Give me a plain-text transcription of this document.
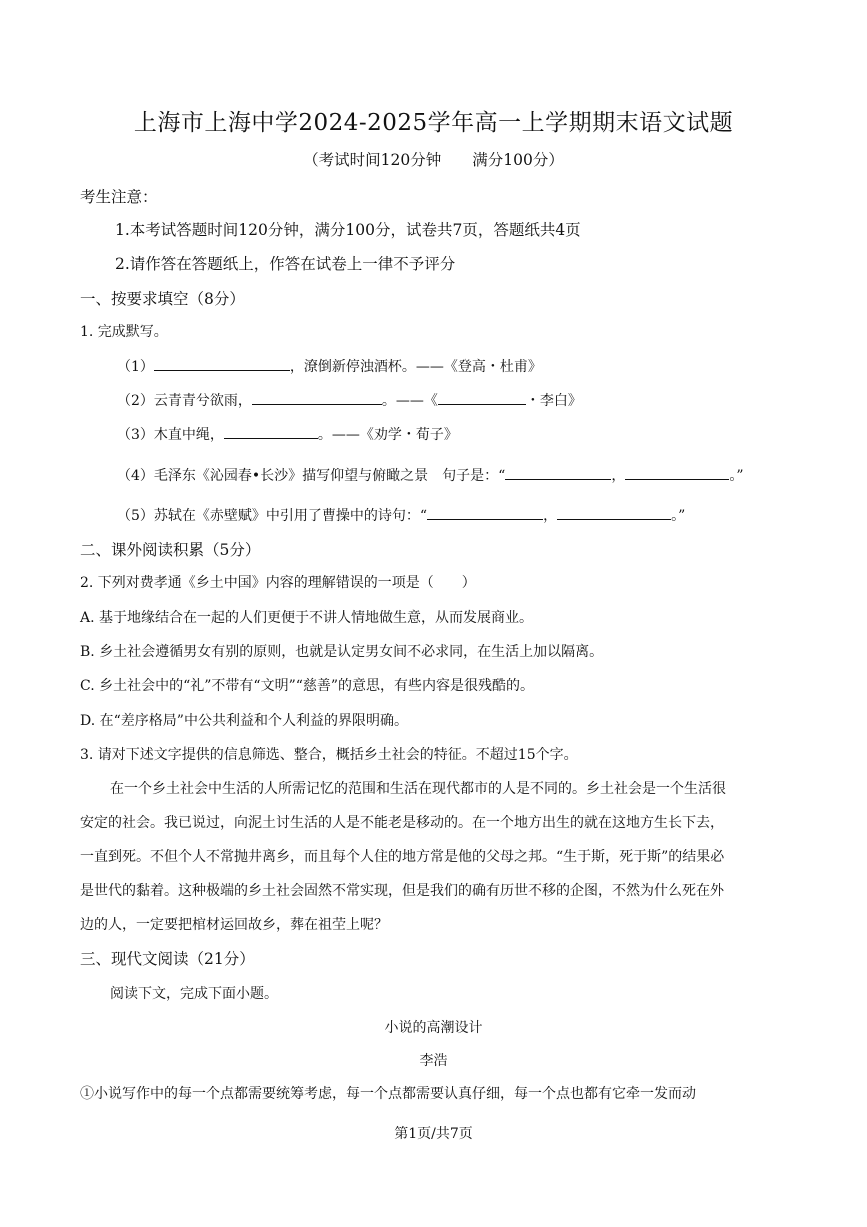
上海市上海中学2024-2025学年高一上学期期末语文试题
（考试时间120分钟　　满分100分）
考生注意：
1.本考试答题时间120分钟，满分100分，试卷共7页，答题纸共4页
2.请作答在答题纸上，作答在试卷上一律不予评分
一、按要求填空（8分）
1. 完成默写。
（1）	，潦倒新停浊酒杯。——《登高・杜甫》
（2）云青青兮欲雨，	。——《	・李白》
（3）木直中绳，	。——《劝学・荀子》
（4）毛泽东《沁园春•长沙》描写仰望与俯瞰之景　句子是：“	，	。”
（5）苏轼在《赤壁赋》中引用了曹操中的诗句：“	，	。”
二、课外阅读积累（5分）
2. 下列对费孝通《乡土中国》内容的理解错误的一项是（　　）
A. 基于地缘结合在一起的人们更便于不讲人情地做生意，从而发展商业。
B. 乡土社会遵循男女有别的原则，也就是认定男女间不必求同，在生活上加以隔离。
C. 乡土社会中的“礼”不带有“文明”“慈善”的意思，有些内容是很残酷的。
D. 在“差序格局”中公共利益和个人利益的界限明确。
3. 请对下述文字提供的信息筛选、整合，概括乡土社会的特征。不超过15个字。
在一个乡土社会中生活的人所需记忆的范围和生活在现代都市的人是不同的。乡土社会是一个生活很
安定的社会。我已说过，向泥土讨生活的人是不能老是移动的。在一个地方出生的就在这地方生长下去，
一直到死。不但个人不常抛井离乡，而且每个人住的地方常是他的父母之邦。“生于斯，死于斯”的结果必
是世代的黏着。这种极端的乡土社会固然不常实现，但是我们的确有历世不移的企图，不然为什么死在外
边的人，一定要把棺材运回故乡，葬在祖茔上呢？
三、现代文阅读（21分）
阅读下文，完成下面小题。
小说的高潮设计
李浩
①小说写作中的每一个点都需要统筹考虑，每一个点都需要认真仔细，每一个点也都有它牵一发而动
第1页/共7页
